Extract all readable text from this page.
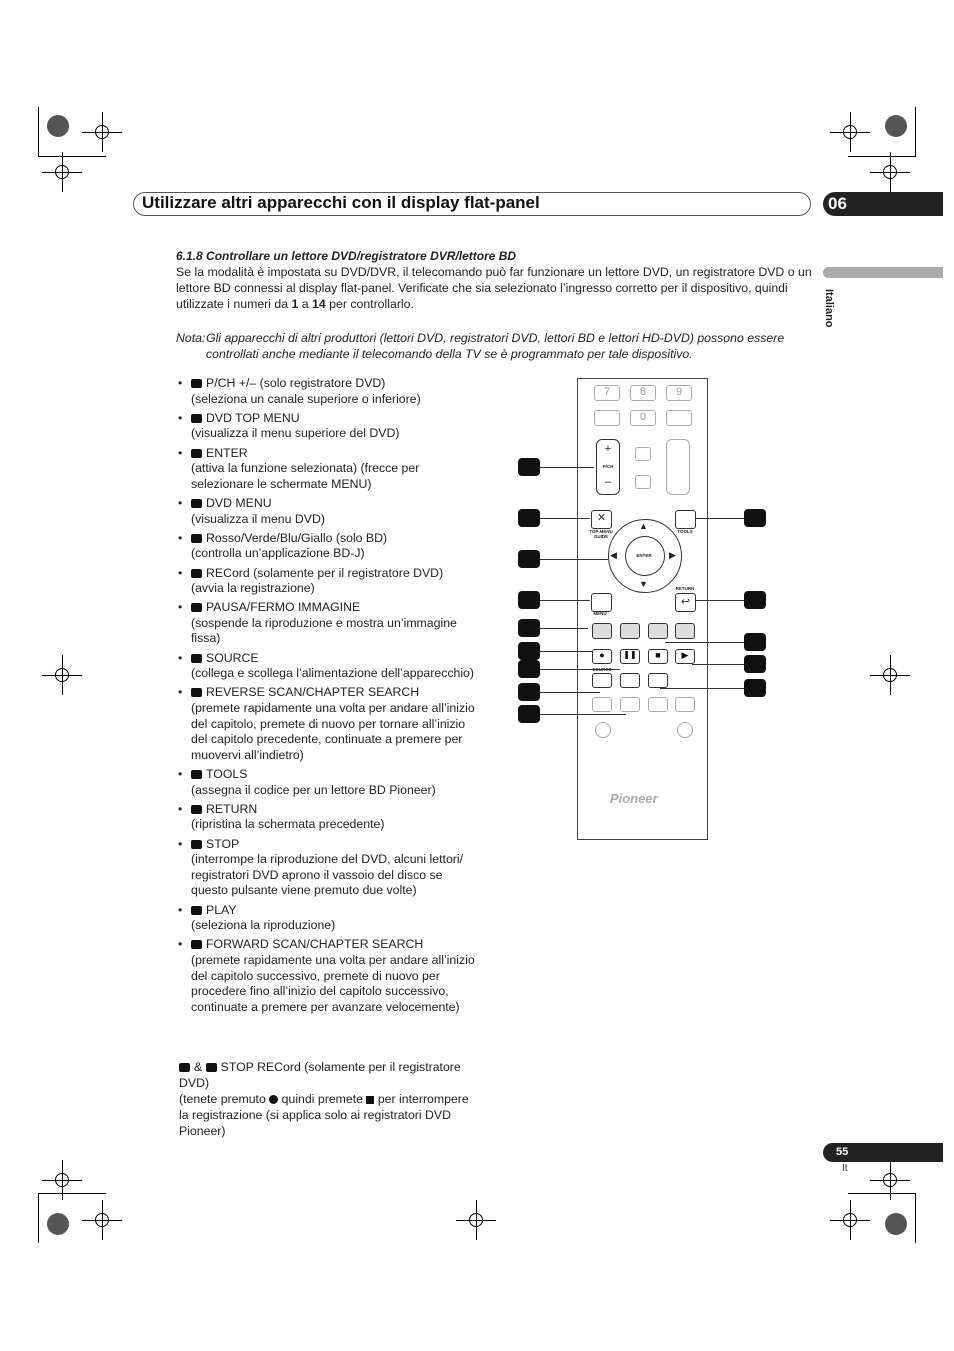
Utilizzare altri apparecchi con il display flat-panel	06
Italiano
6.1.8 Controllare un lettore DVD/registratore DVR/lettore BD
Se la modalità è impostata su DVD/DVR, il telecomando può far funzionare un lettore DVD, un registratore DVD o un lettore BD connessi al display flat-panel. Verificate che sia selezionato l’ingresso corretto per il dispositivo, quindi utilizzate i numeri da 1 a 14 per controllarlo.
Nota: Gli apparecchi di altri produttori (lettori DVD, registratori DVD, lettori BD e lettori HD-DVD) possono essere controllati anche mediante il telecomando della TV se è programmato per tale dispositivo.
• P/CH +/– (solo registratore DVD)
(seleziona un canale superiore o inferiore)
• DVD TOP MENU
(visualizza il menu superiore del DVD)
• ENTER
(attiva la funzione selezionata) (frecce per selezionare le schermate MENU)
• DVD MENU
(visualizza il menu DVD)
• Rosso/Verde/Blu/Giallo (solo BD)
(controlla un’applicazione BD-J)
• RECord (solamente per il registratore DVD)
(avvia la registrazione)
• PAUSA/FERMO IMMAGINE
(sospende la riproduzione e mostra un’immagine fissa)
• SOURCE
(collega e scollega l’alimentazione dell’apparecchio)
• REVERSE SCAN/CHAPTER SEARCH
(premete rapidamente una volta per andare all’inizio del capitolo, premete di nuovo per tornare all’inizio del capitolo precedente, continuate a premere per muovervi all’indietro)
• TOOLS
(assegna il codice per un lettore BD Pioneer)
• RETURN
(ripristina la schermata precedente)
• STOP
(interrompe la riproduzione del DVD, alcuni lettori/ registratori DVD aprono il vassoio del disco se questo pulsante viene premuto due volte)
• PLAY
(seleziona la riproduzione)
• FORWARD SCAN/CHAPTER SEARCH
(premete rapidamente una volta per andare all’inizio del capitolo successivo, premete di nuovo per procedere fino all’inizio del capitolo successivo, continuate a premere per avanzare velocemente)
& STOP RECord (solamente per il registratore DVD)
(tenete premuto  quindi premete  per interrompere la registrazione (si applica solo ai registratori DVD Pioneer)
7	8	9
0
+
P/CH
–
✕
TOP MENU GUIDE
TOOLS
ENTER
▲
▼
◀	▶
MENU
↩
RETURN
●	❚❚	■	▶
Pioneer
55
It
